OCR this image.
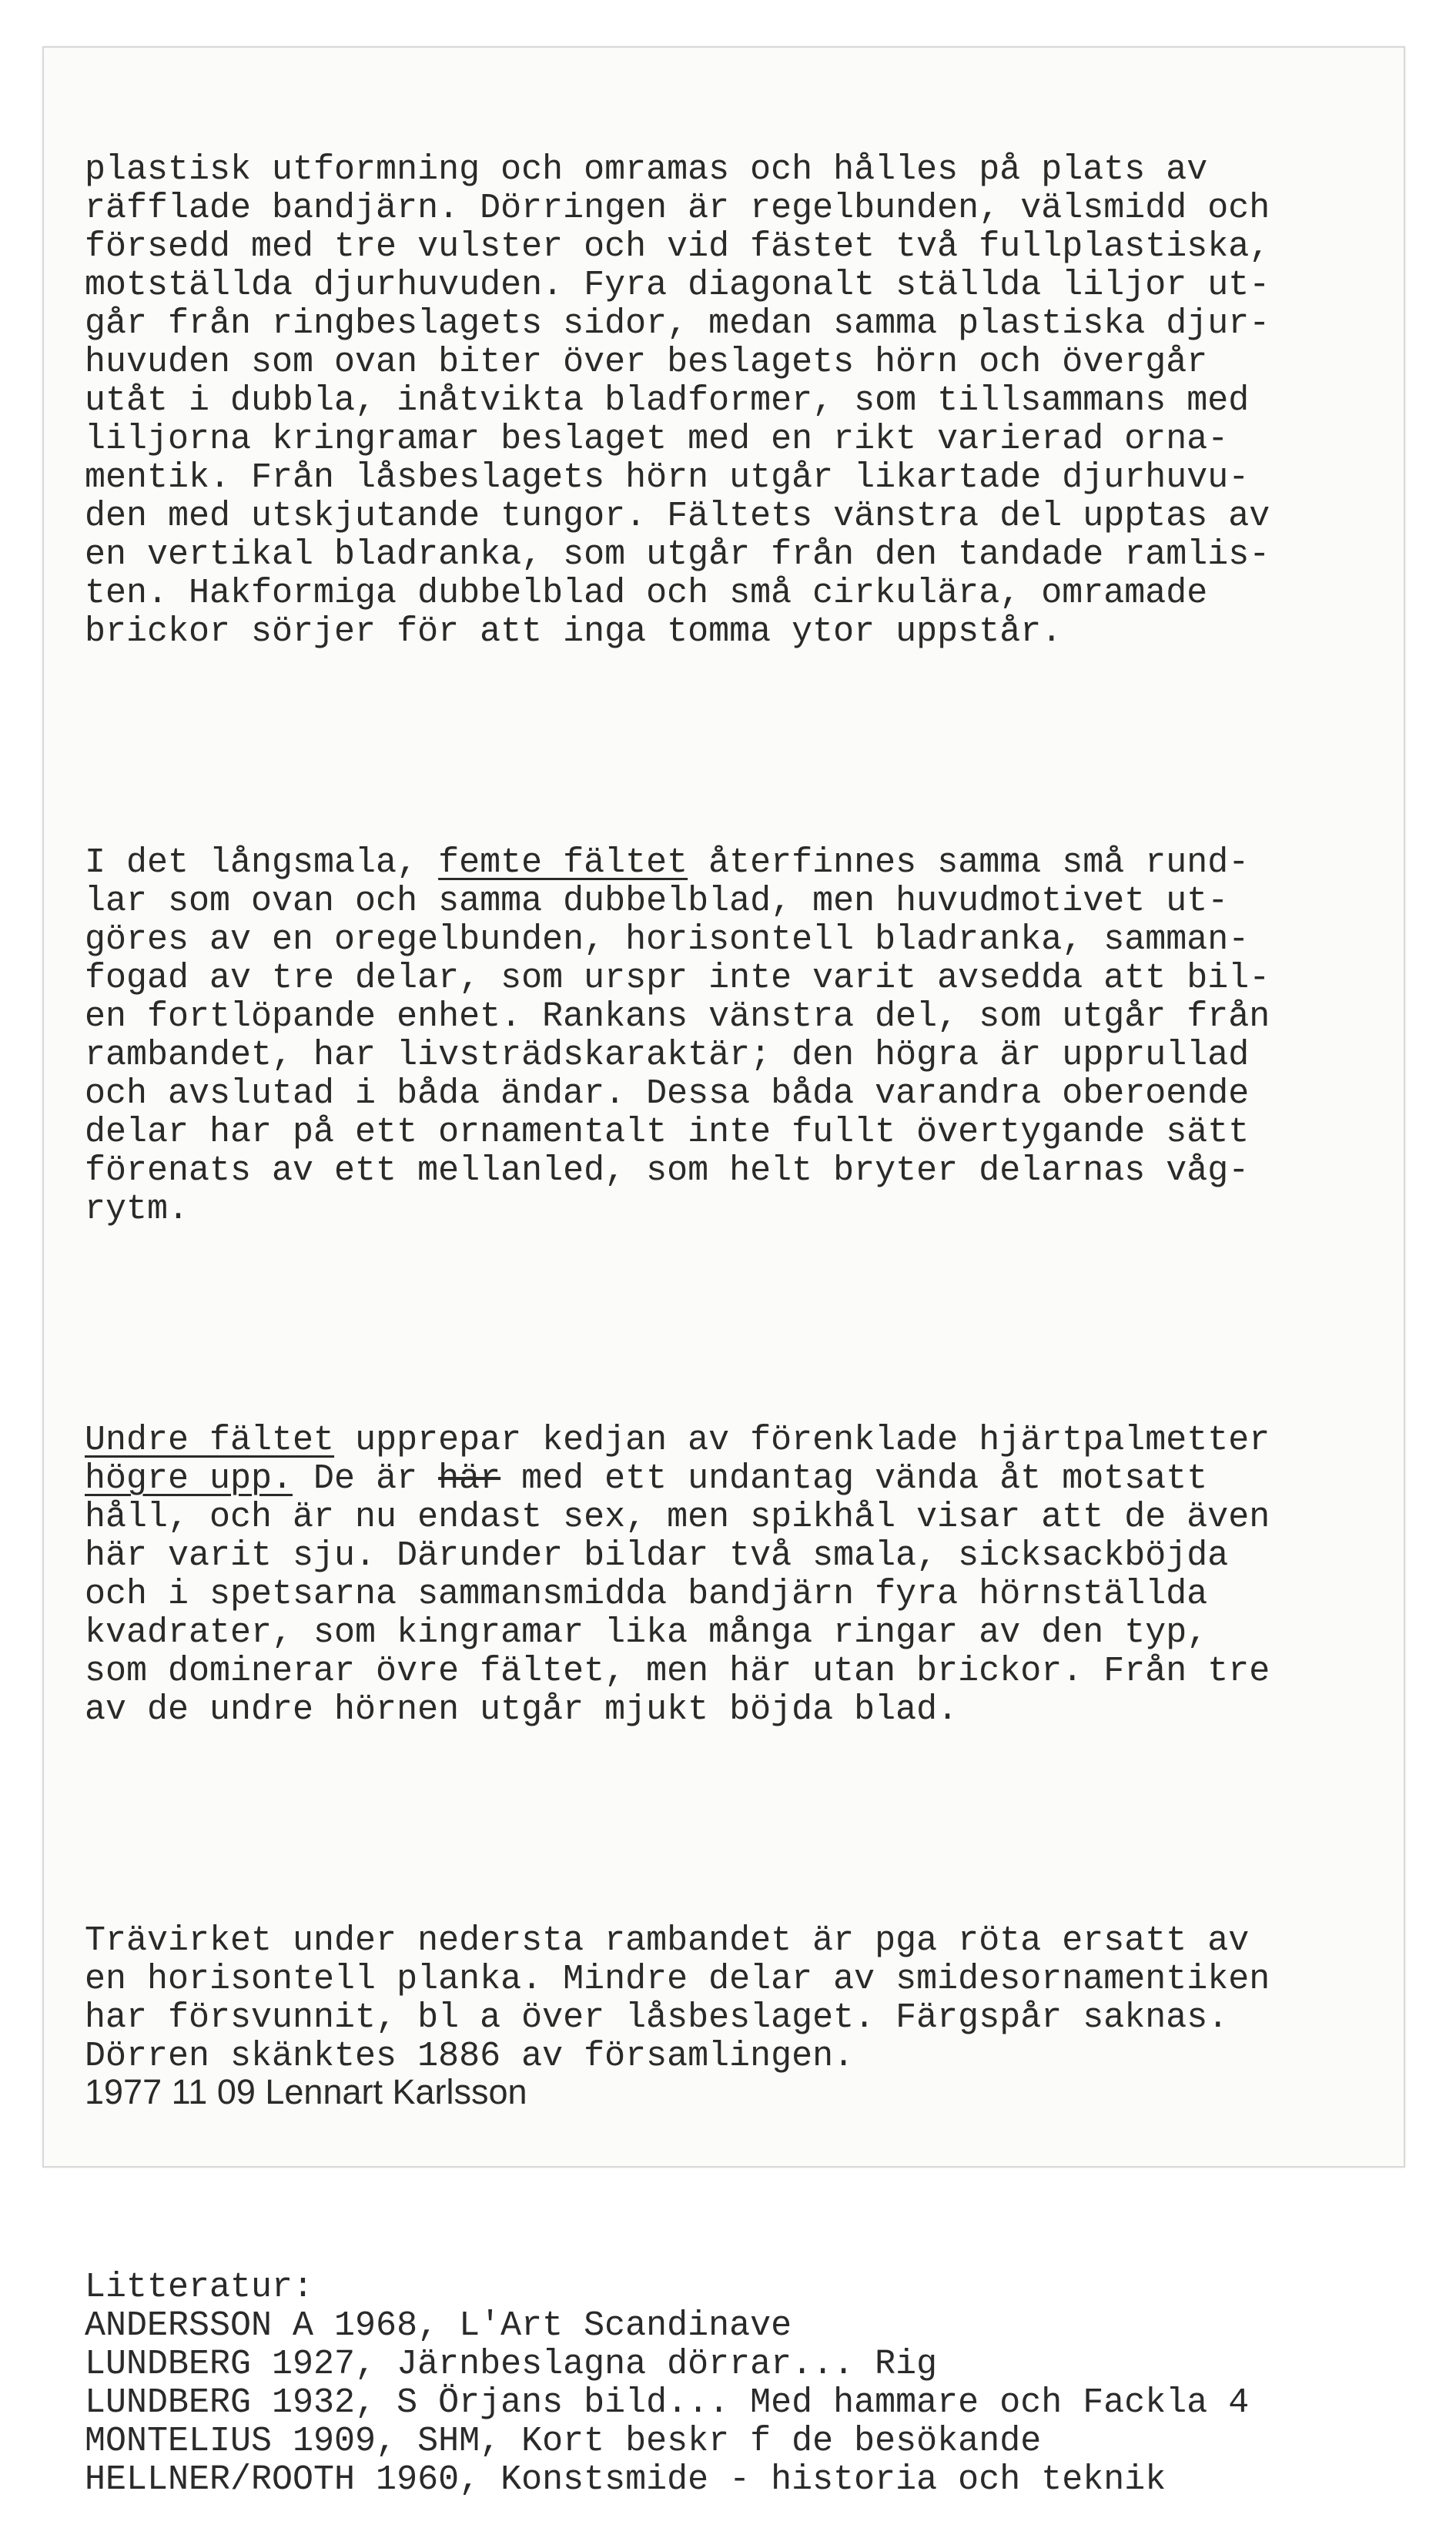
plastisk utformning och omramas och hålles på plats av
räfflade bandjärn. Dörringen är regelbunden, välsmidd och
försedd med tre vulster och vid fästet två fullplastiska,
motställda djurhuvuden. Fyra diagonalt ställda liljor ut-
går från ringbeslagets sidor, medan samma plastiska djur-
huvuden som ovan biter över beslagets hörn och övergår
utåt i dubbla, inåtvikta bladformer, som tillsammans med
liljorna kringramar beslaget med en rikt varierad orna-
mentik. Från låsbeslagets hörn utgår likartade djurhuvu-
den med utskjutande tungor. Fältets vänstra del upptas av
en vertikal bladranka, som utgår från den tandade ramlis-
ten. Hakformiga dubbelblad och små cirkulära, omramade
brickor sörjer för att inga tomma ytor uppstår.

I det långsmala, femte fältet återfinnes samma små rund-
lar som ovan och samma dubbelblad, men huvudmotivet ut-
göres av en oregelbunden, horisontell bladranka, samman-
fogad av tre delar, som urspr inte varit avsedda att bil-
en fortlöpande enhet. Rankans vänstra del, som utgår från
rambandet, har livsträdskaraktär; den högra är upprullad
och avslutad i båda ändar. Dessa båda varandra oberoende
delar har på ett ornamentalt inte fullt övertygande sätt
förenats av ett mellanled, som helt bryter delarnas våg-
rytm.

Undre fältet upprepar kedjan av förenklade hjärtpalmetter
högre upp. De är här med ett undantag vända åt motsatt
håll, och är nu endast sex, men spikhål visar att de även
här varit sju. Därunder bildar två smala, sicksackböjda
och i spetsarna sammansmidda bandjärn fyra hörnställda
kvadrater, som kingramar lika många ringar av den typ,
som dominerar övre fältet, men här utan brickor. Från tre
av de undre hörnen utgår mjukt böjda blad.

Trävirket under nedersta rambandet är pga röta ersatt av
en horisontell planka. Mindre delar av smidesornamentiken
har försvunnit, bl a över låsbeslaget. Färgspår saknas.
Dörren skänktes 1886 av församlingen.

Litteratur:
ANDERSSON A 1968, L'Art Scandinave
LUNDBERG 1927, Järnbeslagna dörrar... Rig
LUNDBERG 1932, S Örjans bild... Med hammare och Fackla 4
MONTELIUS 1909, SHM, Kort beskr f de besökande
HELLNER/ROOTH 1960, Konstsmide - historia och teknik

1977 11 09 Lennart Karlsson
